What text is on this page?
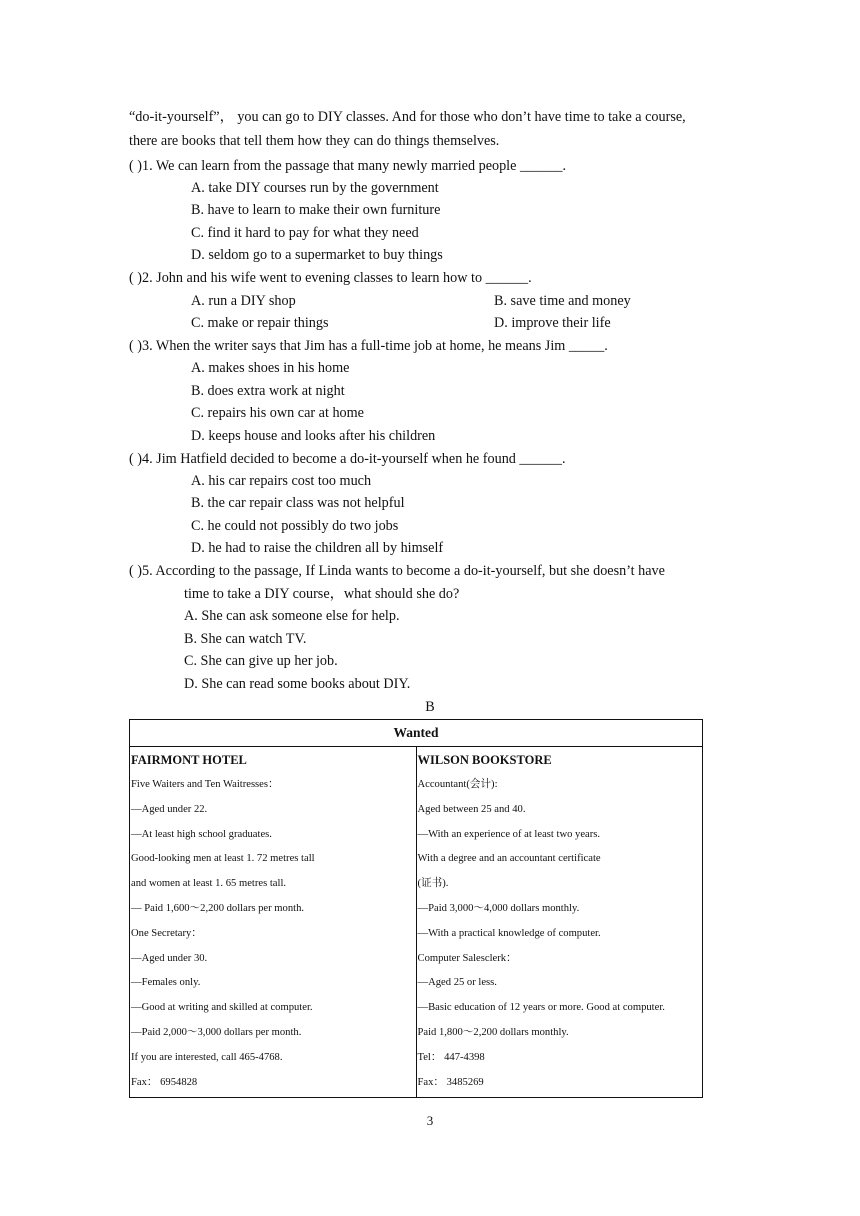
“do-it-yourself”， you can go to DIY classes. And for those who don’t have time to take a course,
there are books that tell them how they can do things themselves.
( )1. We can learn from the passage that many newly married people ______.
A. take DIY courses run by the government
B. have to learn to make their own furniture
C. find it hard to pay for what they need
D. seldom go to a supermarket to buy things
( )2. John and his wife went to evening classes to learn how to ______.
A. run a DIY shop	B. save time and money
C. make or repair things	D. improve their life
( )3. When the writer says that Jim has a full-time job at home, he means Jim _____.
A. makes shoes in his home
B. does extra work at night
C. repairs his own car at home
D. keeps house and looks after his children
( )4. Jim Hatfield decided to become a do-it-yourself when he found ______.
A. his car repairs cost too much
B. the car repair class was not helpful
C. he could not possibly do two jobs
D. he had to raise the children all by himself
( )5. According to the passage, If Linda wants to become a do-it-yourself, but she doesn’t have
time to take a DIY course，what should she do?
A. She can ask someone else for help.
B. She can watch TV.
C. She can give up her job.
D. She can read some books about DIY.
B
Wanted

FAIRMONT HOTEL
Five Waiters and Ten Waitresses：
—Aged under 22.
—At least high school graduates.
Good-looking men at least 1. 72 metres tall
and women at least 1. 65 metres tall.
— Paid 1,600～2,200 dollars per month.
One Secretary：
—Aged under 30.
—Females only.
—Good at writing and skilled at computer.
—Paid 2,000～3,000 dollars per month.
If you are interested, call 465-4768.
Fax： 6954828

WILSON BOOKSTORE
Accountant(会计):
Aged between 25 and 40.
—With an experience of at least two years.
With a degree and an accountant certificate
(证书).
—Paid 3,000～4,000 dollars monthly.
—With a practical knowledge of computer.
Computer Salesclerk：
—Aged 25 or less.
—Basic education of 12 years or more. Good at computer.
Paid 1,800～2,200 dollars monthly.
Tel： 447-4398
Fax： 3485269
3
